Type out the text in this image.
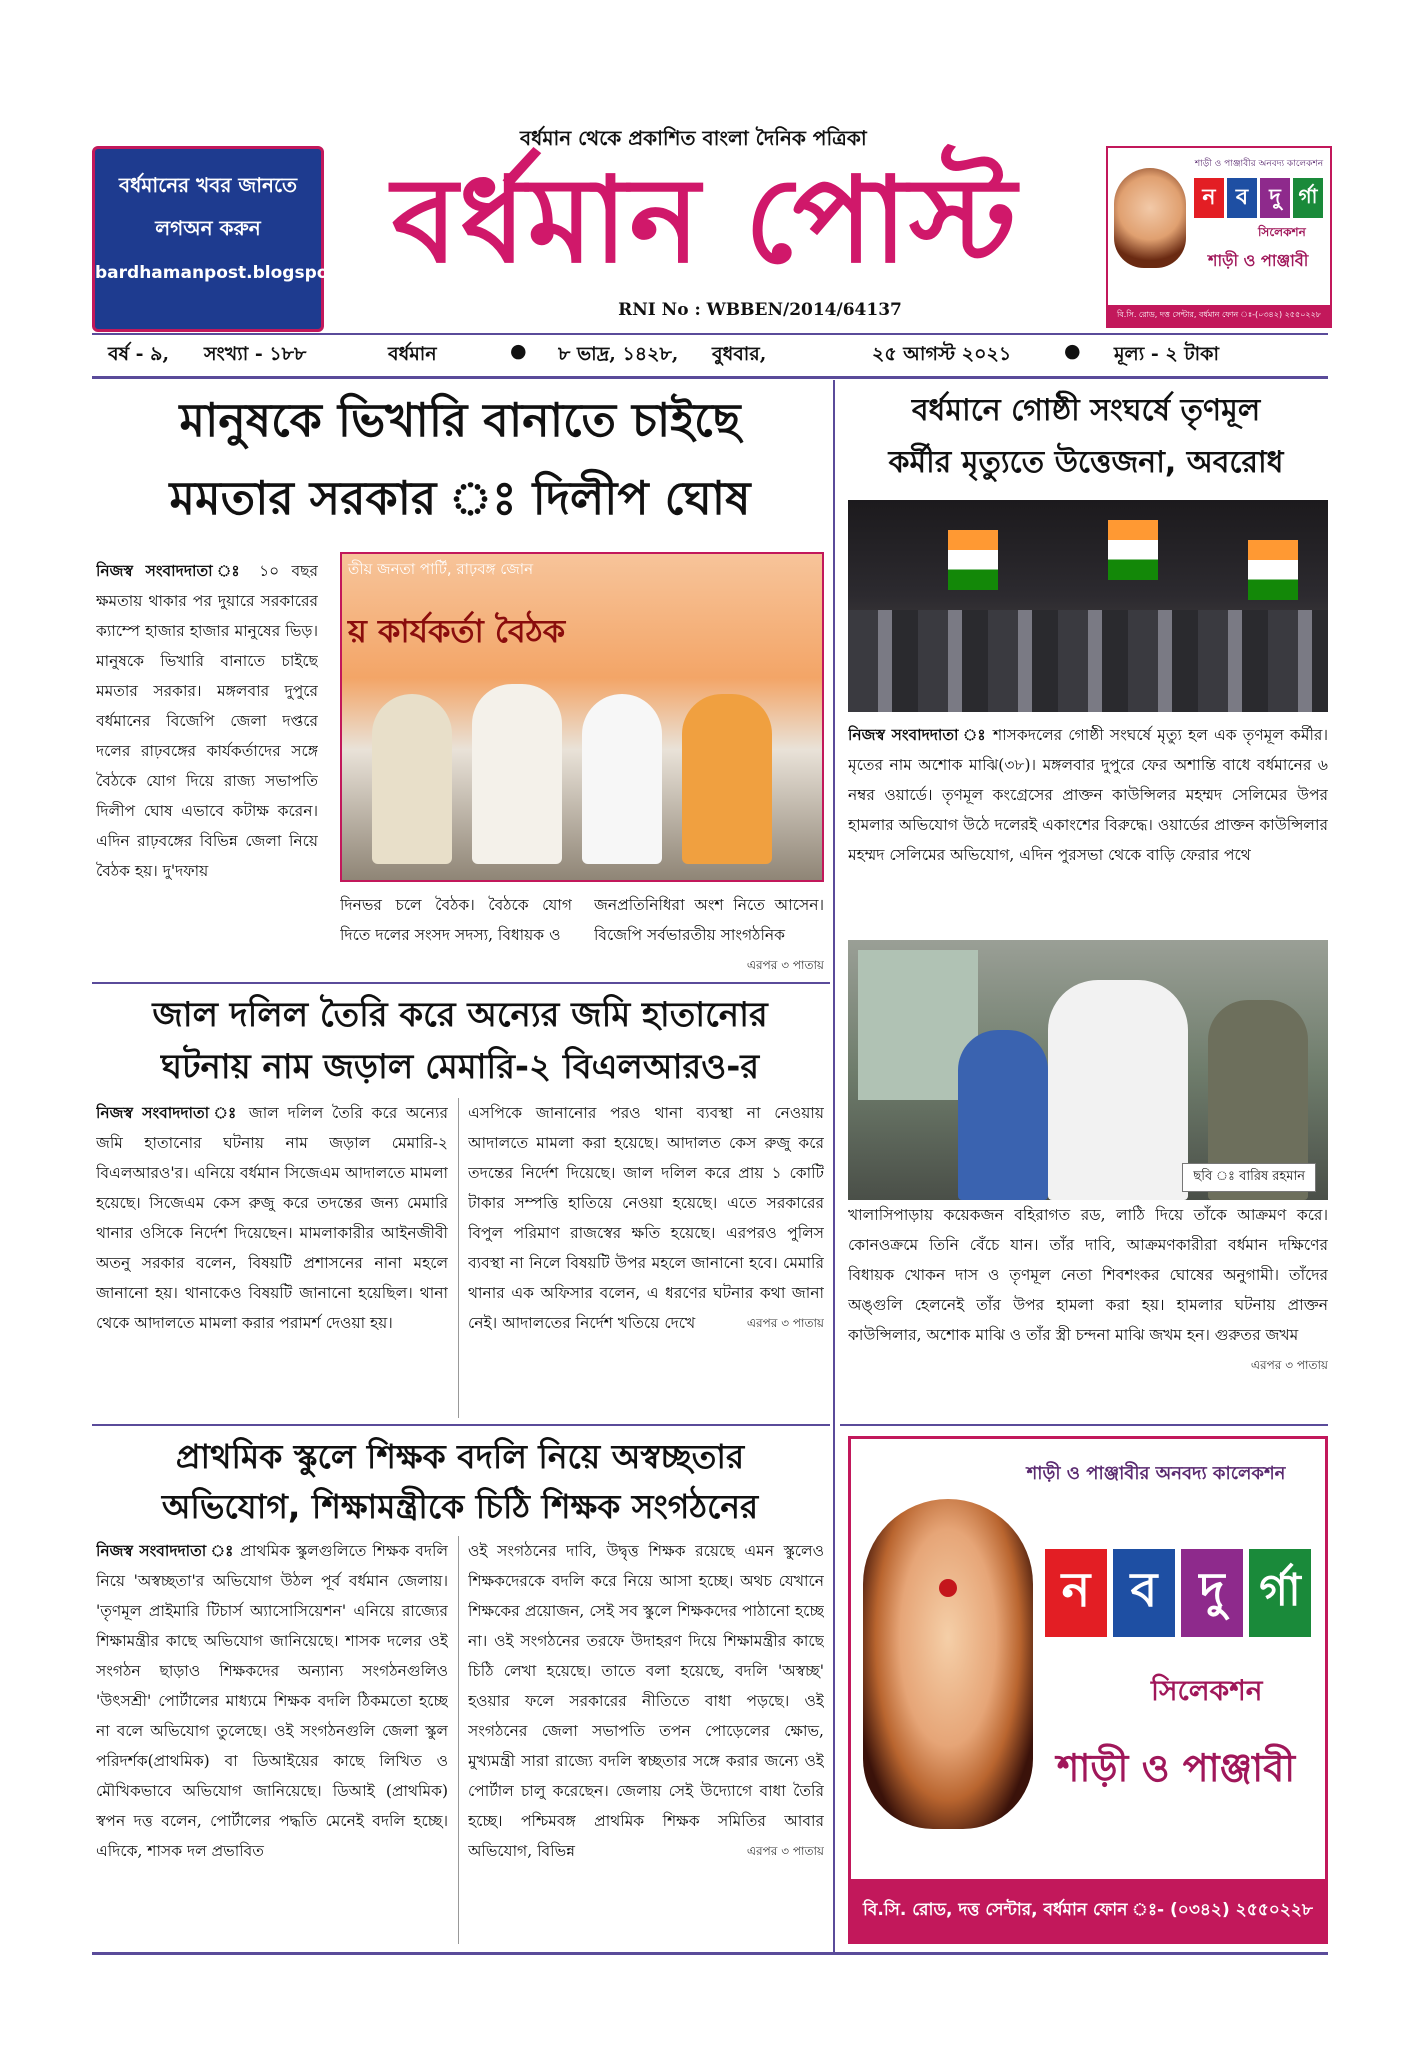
বর্ধমানের খবর জানতে
লগঅন করুন
bardhamanpost.blogspot.in
বর্ধমান থেকে প্রকাশিত বাংলা দৈনিক পত্রিকা
বর্ধমান পোস্ট
RNI No : WBBEN/2014/64137
শাড়ী ও পাঞ্জাবীর অনবদ্য কালেকশন
ন ব দু র্গা
সিলেকশন
শাড়ী ও পাঞ্জাবী
বি.সি. রোড, দত্ত সেন্টার, বর্ধমান ফোন ঃ-(০৩৪২) ২৫৫০২২৮
বর্ষ - ৯, সংখ্যা - ১৮৮	বর্ধমান	● ৮ ভাদ্র, ১৪২৮, বুধবার,	২৫ আগস্ট ২০২১	● মূল্য - ২ টাকা
মানুষকে ভিখারি বানাতে চাইছে
মমতার সরকার ঃ দিলীপ ঘোষ

নিজস্ব সংবাদদাতা ঃ ১০ বছর ক্ষমতায় থাকার পর দুয়ারে সরকারের ক্যাম্পে হাজার হাজার মানুষের ভিড়। মানুষকে ভিখারি বানাতে চাইছে মমতার সরকার। মঙ্গলবার দুপুরে বর্ধমানের বিজেপি জেলা দপ্তরে দলের রাঢ়বঙ্গের কার্যকর্তাদের সঙ্গে বৈঠকে যোগ দিয়ে রাজ্য সভাপতি দিলীপ ঘোষ এভাবে কটাক্ষ করেন। এদিন রাঢ়বঙ্গের বিভিন্ন জেলা নিয়ে বৈঠক হয়। দু'দফায়

তীয় জনতা পার্টি, রাঢ়বঙ্গ জোন
য় কার্যকর্তা বৈঠক

দিনভর চলে বৈঠক। বৈঠকে যোগ দিতে দলের সংসদ সদস্য, বিধায়ক ও

জনপ্রতিনিধিরা অংশ নিতে আসেন। বিজেপি সর্বভারতীয় সাংগঠনিক
এরপর ৩ পাতায়

বর্ধমানে গোষ্ঠী সংঘর্ষে তৃণমূল
কর্মীর মৃত্যুতে উত্তেজনা, অবরোধ

নিজস্ব সংবাদদাতা ঃ শাসকদলের গোষ্ঠী সংঘর্ষে মৃত্যু হল এক তৃণমূল কর্মীর। মৃতের নাম অশোক মাঝি(৩৮)। মঙ্গলবার দুপুরে ফের অশান্তি বাধে বর্ধমানের ৬ নম্বর ওয়ার্ডে। তৃণমূল কংগ্রেসের প্রাক্তন কাউন্সিলর মহম্মদ সেলিমের উপর হামলার অভিযোগ উঠে দলেরই একাংশের বিরুদ্ধে। ওয়ার্ডের প্রাক্তন কাউন্সিলার মহম্মদ সেলিমের অভিযোগ, এদিন পুরসভা থেকে বাড়ি ফেরার পথে

ছবি ঃ বারিষ রহমান

খালাসিপাড়ায় কয়েকজন বহিরাগত রড, লাঠি দিয়ে তাঁকে আক্রমণ করে। কোনওক্রমে তিনি বেঁচে যান। তাঁর দাবি, আক্রমণকারীরা বর্ধমান দক্ষিণের বিধায়ক খোকন দাস ও তৃণমূল নেতা শিবশংকর ঘোষের অনুগামী। তাঁদের অঙ্গুলি হেলনেই তাঁর উপর হামলা করা হয়। হামলার ঘটনায় প্রাক্তন কাউন্সিলার, অশোক মাঝি ও তাঁর স্ত্রী চন্দনা মাঝি জখম হন। গুরুতর জখম
এরপর ৩ পাতায়

জাল দলিল তৈরি করে অন্যের জমি হাতানোর
ঘটনায় নাম জড়াল মেমারি-২ বিএলআরও-র

নিজস্ব সংবাদদাতা ঃ জাল দলিল তৈরি করে অন্যের জমি হাতানোর ঘটনায় নাম জড়াল মেমারি-২ বিএলআরও'র। এনিয়ে বর্ধমান সিজেএম আদালতে মামলা হয়েছে। সিজেএম কেস রুজু করে তদন্তের জন্য মেমারি থানার ওসিকে নির্দেশ দিয়েছেন। মামলাকারীর আইনজীবী অতনু সরকার বলেন, বিষয়টি প্রশাসনের নানা মহলে জানানো হয়। থানাকেও বিষয়টি জানানো হয়েছিল। থানা থেকে আদালতে মামলা করার পরামর্শ দেওয়া হয়।

এসপিকে জানানোর পরও থানা ব্যবস্থা না নেওয়ায় আদালতে মামলা করা হয়েছে। আদালত কেস রুজু করে তদন্তের নির্দেশ দিয়েছে। জাল দলিল করে প্রায় ১ কোটি টাকার সম্পত্তি হাতিয়ে নেওয়া হয়েছে। এতে সরকারের বিপুল পরিমাণ রাজস্বের ক্ষতি হয়েছে। এরপরও পুলিস ব্যবস্থা না নিলে বিষয়টি উপর মহলে জানানো হবে। মেমারি থানার এক অফিসার বলেন, এ ধরণের ঘটনার কথা জানা নেই। আদালতের নির্দেশ খতিয়ে দেখে	এরপর ৩ পাতায়

প্রাথমিক স্কুলে শিক্ষক বদলি নিয়ে অস্বচ্ছতার
অভিযোগ, শিক্ষামন্ত্রীকে চিঠি শিক্ষক সংগঠনের

নিজস্ব সংবাদদাতা ঃ প্রাথমিক স্কুলগুলিতে শিক্ষক বদলি নিয়ে 'অস্বচ্ছতা'র অভিযোগ উঠল পূর্ব বর্ধমান জেলায়। 'তৃণমূল প্রাইমারি টিচার্স অ্যাসোসিয়েশন' এনিয়ে রাজ্যের শিক্ষামন্ত্রীর কাছে অভিযোগ জানিয়েছে। শাসক দলের ওই সংগঠন ছাড়াও শিক্ষকদের অন্যান্য সংগঠনগুলিও 'উৎসশ্রী' পোর্টালের মাধ্যমে শিক্ষক বদলি ঠিকমতো হচ্ছে না বলে অভিযোগ তুলেছে। ওই সংগঠনগুলি জেলা স্কুল পরিদর্শক(প্রাথমিক) বা ডিআইয়ের কাছে লিখিত ও মৌখিকভাবে অভিযোগ জানিয়েছে। ডিআই (প্রাথমিক) স্বপন দত্ত বলেন, পোর্টালের পদ্ধতি মেনেই বদলি হচ্ছে। এদিকে, শাসক দল প্রভাবিত

ওই সংগঠনের দাবি, উদ্বৃত্ত শিক্ষক রয়েছে এমন স্কুলেও শিক্ষকদেরকে বদলি করে নিয়ে আসা হচ্ছে। অথচ যেখানে শিক্ষকের প্রয়োজন, সেই সব স্কুলে শিক্ষকদের পাঠানো হচ্ছে না। ওই সংগঠনের তরফে উদাহরণ দিয়ে শিক্ষামন্ত্রীর কাছে চিঠি লেখা হয়েছে। তাতে বলা হয়েছে, বদলি 'অস্বচ্ছ' হওয়ার ফলে সরকারের নীতিতে বাধা পড়ছে। ওই সংগঠনের জেলা সভাপতি তপন পোড়েলের ক্ষোভ, মুখ্যমন্ত্রী সারা রাজ্যে বদলি স্বচ্ছতার সঙ্গে করার জন্যে ওই পোর্টাল চালু করেছেন। জেলায় সেই উদ্যোগে বাধা তৈরি হচ্ছে। পশ্চিমবঙ্গ প্রাথমিক শিক্ষক সমিতির আবার অভিযোগ, বিভিন্ন	এরপর ৩ পাতায়

শাড়ী ও পাঞ্জাবীর অনবদ্য কালেকশন
ন ব দু র্গা
সিলেকশন
শাড়ী ও পাঞ্জাবী
বি.সি. রোড, দত্ত সেন্টার, বর্ধমান ফোন ঃ- (০৩৪২) ২৫৫০২২৮
